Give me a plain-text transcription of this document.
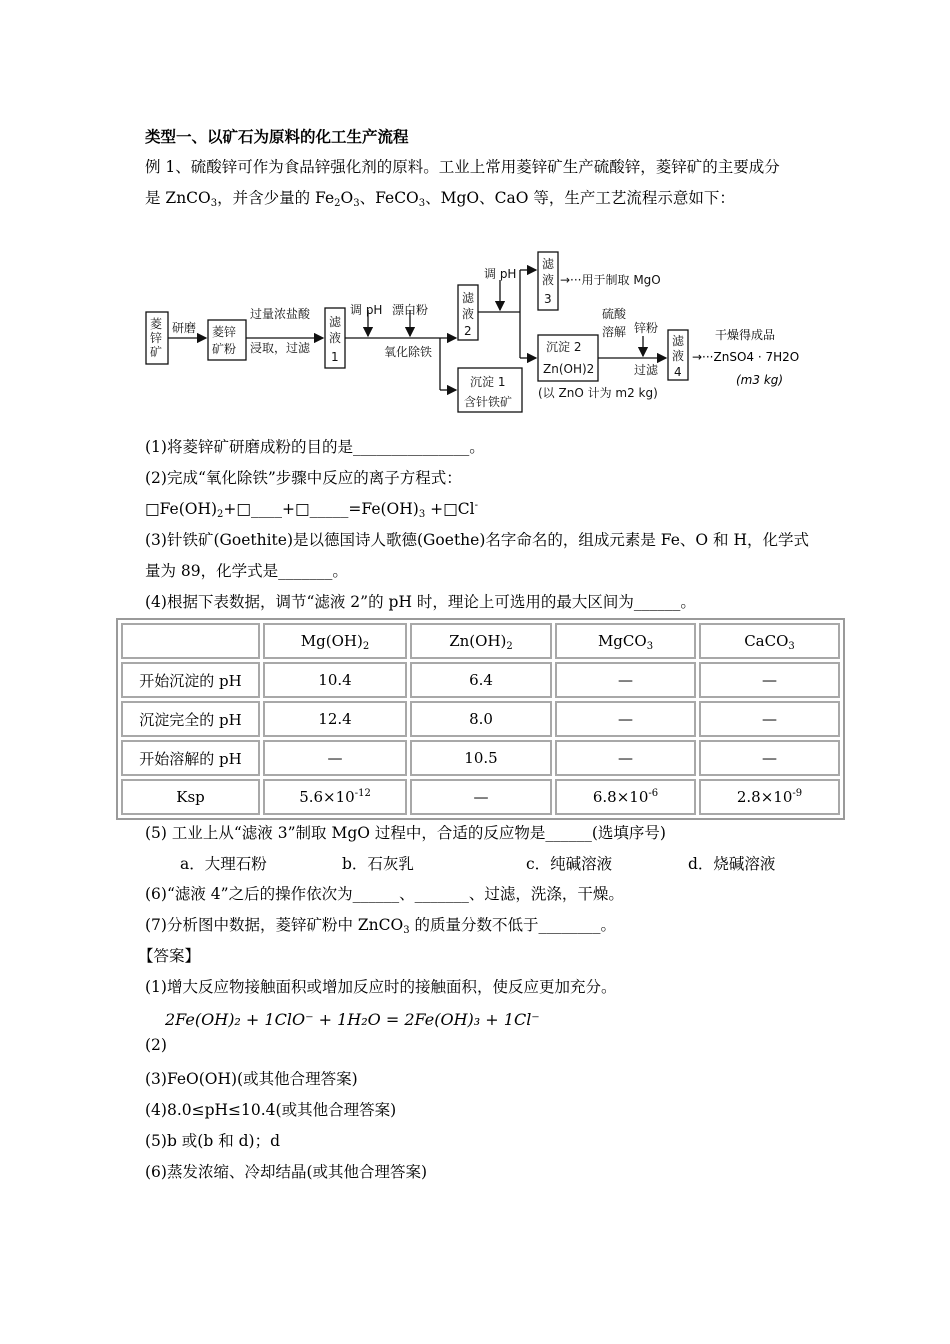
类型一、以矿石为原料的化工生产流程
例 1、硫酸锌可作为食品锌强化剂的原料。工业上常用菱锌矿生产硫酸锌，菱锌矿的主要成分
是 ZnCO$_3$，并含少量的 $Fe_2O_3$、FeCO$_3$、MgO、CaO 等，生产工艺流程示意如下：
菱
锌
矿
研磨 菱锌
矿粉
过量浓盐酸
浸取，过滤
滤
液
1
调 pH 漂白粉
氧化除铁
滤
液
2
调 pH
滤
液
3
→···用于制取 MgO
沉淀 1
含针铁矿
沉淀 2
Zn(OH)2
(以 ZnO 计为 m2 kg)
硫酸
溶解 锌粉
过滤
滤
液
4
干燥得成品
→···ZnSO4 · 7H2O
(m3 kg)
(1)将菱锌矿研磨成粉的目的是_______________。
(2)完成“氧化除铁”步骤中反应的离子方程式：
$□Fe(OH)_2+□\_\_\_\_+□\_\_\_\_\_=Fe(OH)_3$ +□Cl-
(3)针铁矿(Goethite)是以德国诗人歌德(Goethe)名字命名的，组成元素是 Fe、O 和 H，化学式
量为 89，化学式是_______。
(4)根据下表数据，调节“滤液 2”的 pH 时，理论上可选用的最大区间为______。
	$Mg(OH)_2$	$Zn(OH)_2$	MgCO$_3$	CaCO$_3$
开始沉淀的 pH	10.4	6.4	—	—
沉淀完全的 pH	12.4	8.0	—	—
开始溶解的 pH	—	10.5	—	—
Ksp	$5.6\times 10^{-12}$	—	$6.8\times 10^{-6}$	$2.8\times 10^{-9}$
(5) 工业上从“滤液 3”制取 MgO 过程中，合适的反应物是______(选填序号)
a．大理石粉	b．石灰乳	c．纯碱溶液	d．烧碱溶液
(6)“滤液 4”之后的操作依次为______、_______、过滤，洗涤，干燥。
(7)分析图中数据，菱锌矿粉中 ZnCO$_3$ 的质量分数不低于________。
【答案】
(1)增大反应物接触面积或增加反应时的接触面积，使反应更加充分。
2Fe(OH)₂ + 1ClO⁻ + 1H₂O = 2Fe(OH)₃ + 1Cl⁻
(2)
(3)FeO(OH)(或其他合理答案)
(4)8.0≤pH≤10.4(或其他合理答案)
(5)b 或(b 和 d)；d
(6)蒸发浓缩、冷却结晶(或其他合理答案)
